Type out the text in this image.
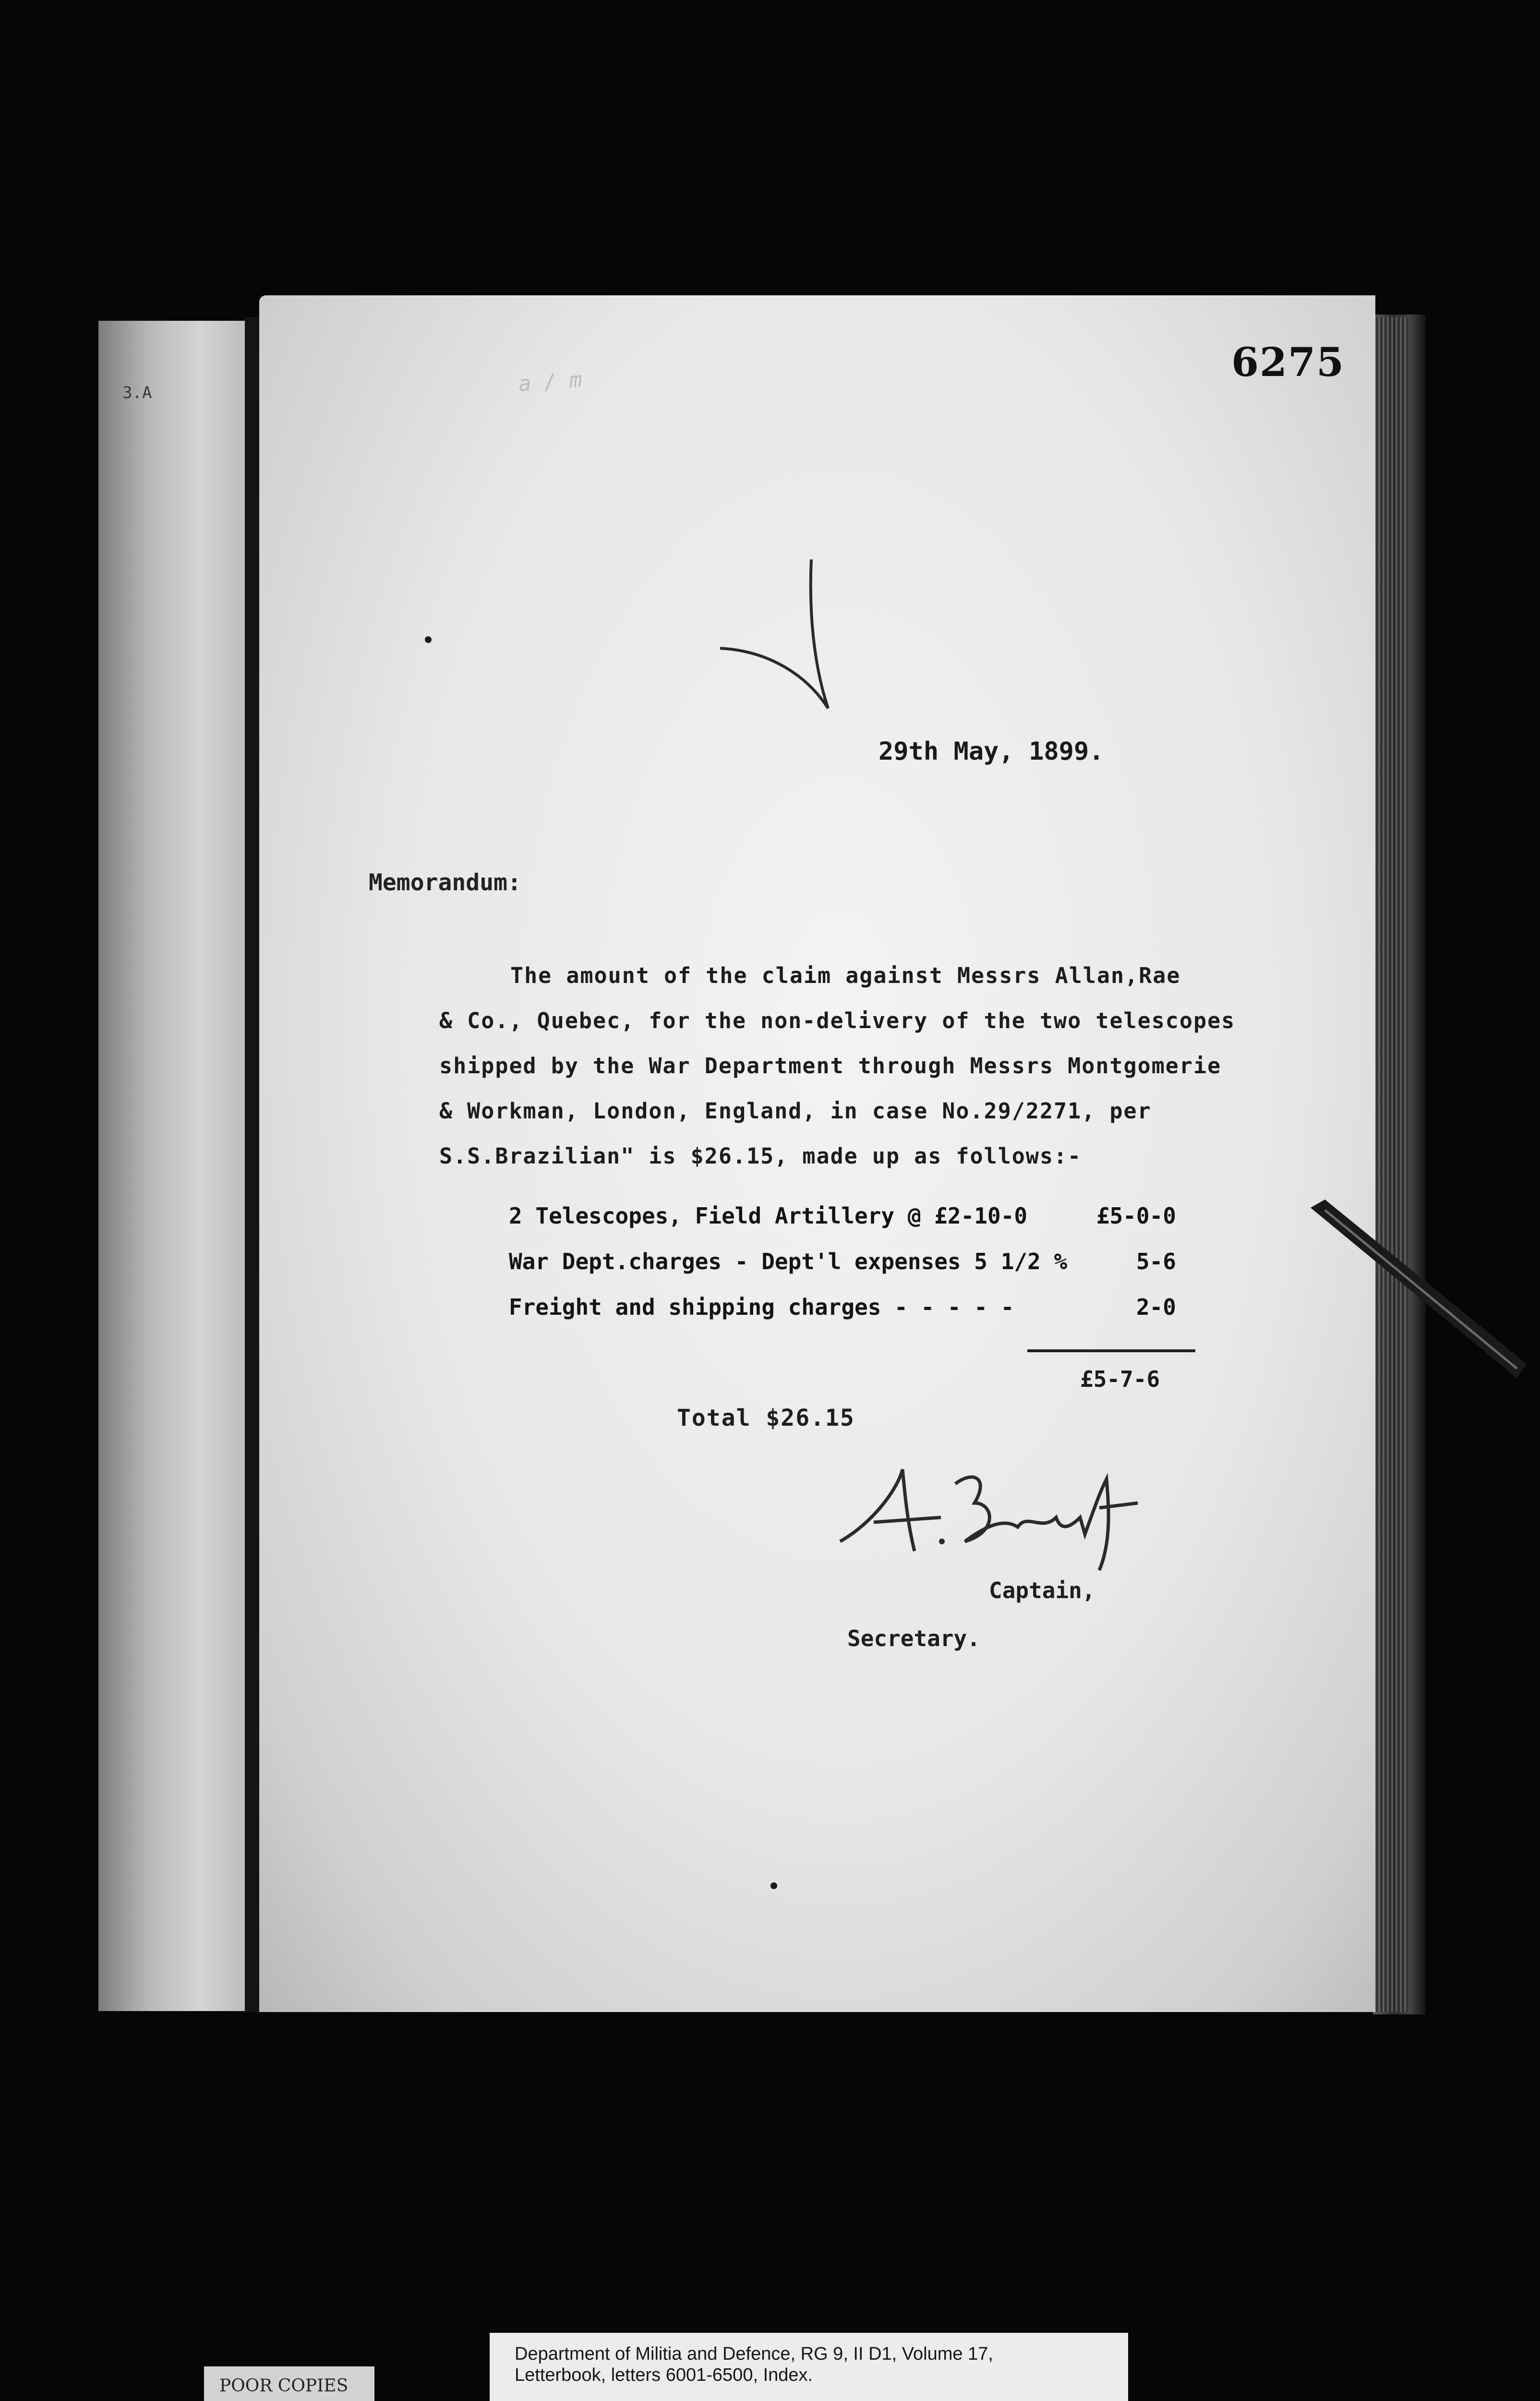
3.A
6275
a / m
29th May, 1899.
Memorandum:
The amount of the claim against Messrs Allan,Rae
& Co., Quebec, for the non-delivery of the two telescopes
shipped by the War Department through Messrs Montgomerie
& Workman, London, England, in case No.29/2271, per
S.S.Brazilian" is $26.15, made up as follows:-
2 Telescopes, Field Artillery @ £2-10-0	£5-0-0
War Dept.charges - Dept'l expenses 5 1/2 %	5-6
Freight and shipping charges - - - - -	2-0
£5-7-6
Total $26.15
Captain,
Secretary.
POOR COPIES
Department of Militia and Defence, RG 9, II D1, Volume 17,
Letterbook, letters 6001-6500, Index.
